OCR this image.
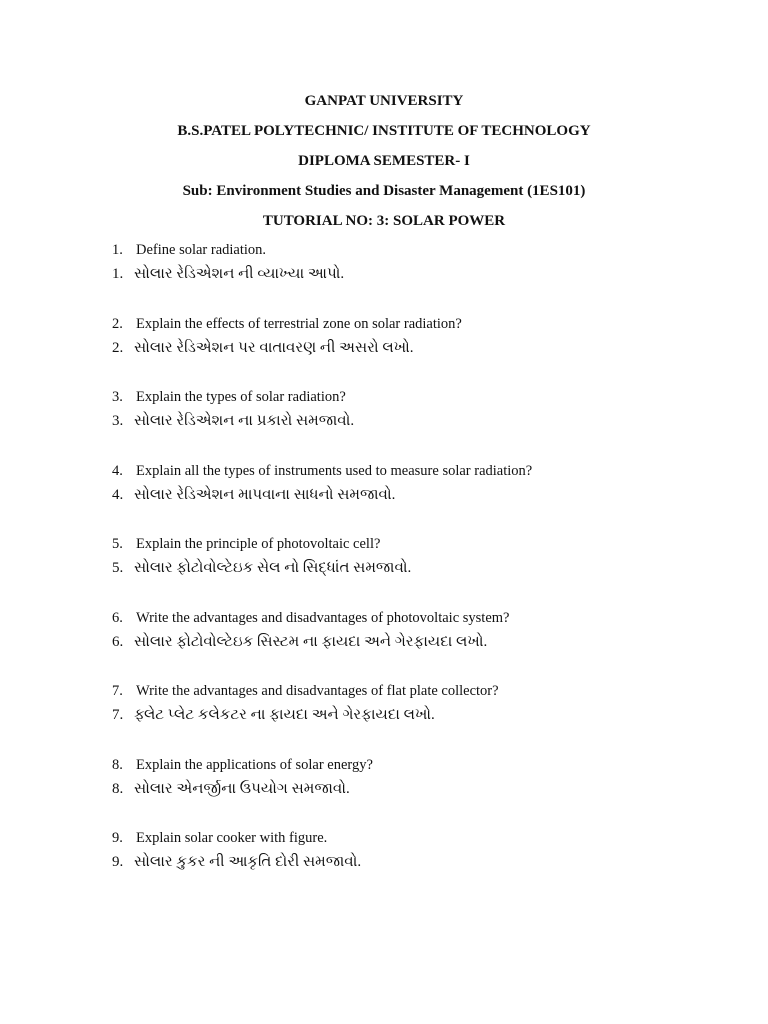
GANPAT UNIVERSITY
B.S.PATEL POLYTECHNIC/ INSTITUTE OF TECHNOLOGY
DIPLOMA SEMESTER- I
Sub: Environment Studies and Disaster Management (1ES101)
TUTORIAL NO: 3: SOLAR POWER
1. Define solar radiation.
1. સોલાર રેડિએશન ની વ્યાખ્યા આપો.
2. Explain the effects of terrestrial zone on solar radiation?
2. સોલાર રેડિએશન પર વાતાવરણ ની અસરો લખો.
3. Explain the types of solar radiation?
3. સોલાર રેડિએશન ના પ્રકારો સમજાવો.
4. Explain all the types of instruments used to measure solar radiation?
4. સોલાર રેડિએશન માપવાના સાધનો સમજાવો.
5. Explain the principle of photovoltaic cell?
5. સોલાર ફોટોવોલ્ટેઇક સેલ નો સિદ્ધાંત સમજાવો.
6. Write the advantages and disadvantages of photovoltaic system?
6. સોલાર ફોટોવોલ્ટેઇક સિસ્ટમ ના ફાયદા અને ગેરફાયદા લખો.
7. Write the advantages and disadvantages of flat plate collector?
7. ફ્લેટ પ્લેટ કલેકટર ના ફાયદા અને ગેરફાયદા લખો.
8. Explain the applications of solar energy?
8. સોલાર એનર્જીના ઉપયોગ સમજાવો.
9. Explain solar cooker with figure.
9. સોલાર કુકર ની આકૃતિ દોરી સમજાવો.
